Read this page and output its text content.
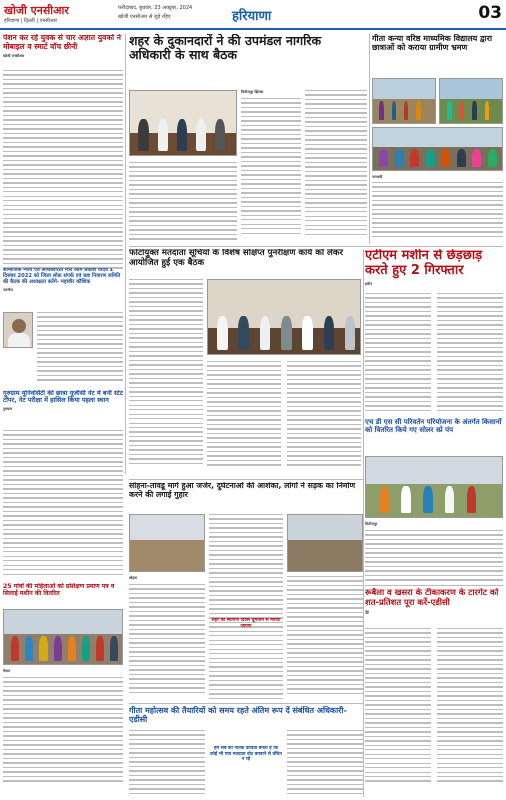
खोजी एनसीआर
हरियाणा | दिल्ली | एनसीआर
फरीदाबाद, बुधवार, 23 अक्टूबर, 2024
खोजी एनसीआर से जुड़े रहिए	हरियाणा	03
पेंशन कर रहे युवक से चार अज्ञात युवकों ने मोबाइल व स्मार्ट वॉच छीनी
खोजी एनसीआर
सामाजिक न्याय एवं अधिकारिता मंत्री ओम प्रकाश यादव 1 दिसंबर 2022 को जिला लोक संपर्क एवं कष्ट निवारण समिति की बैठक की अध्यक्षता करेंगे- महावीर कौशिक
नारनौल
गुरुग्राम यूनिवर्सिटी की छात्रा यूजीसी नेट में बनी स्टेट टॉपर, नेट परीक्षा में हासिल किया पहला स्थान
गुरुग्राम
25 गांवों की महिलाओं को प्रशिक्षण प्रमाण पत्र व सिलाई मशीन की वितरित
मेवात
शहर के दुकानदारों ने की उपमंडल नागरिक अधिकारी के साथ बैठक
फिरोजपुर झिरका
गीता कन्या वरिष्ठ माध्यमिक विद्यालय द्वारा छात्राओं को कराया ग्रामीण भ्रमण
जगाधरी
फोटोयुक्त मतदाता सूचियों के विशेष संक्षिप्त पुनरीक्षण कार्य को लेकर आयोजित हुई एक बैठक	एटीएम मशीन से छेड़छाड़ करते हुए 2 गिरफ्तार
हथीन
एच डी एस सी परिवर्तन परियोजना के अंतर्गत किसानों को वितरित किये गए सोलर स्प्रे पंप
फिरोजपुर
सोहना-तावडू मार्ग हुआ जर्जर, दुर्घटनाओं की आशंका, लोगों ने सड़क का निर्माण करने की लगाई गुहार
सोहना
गीता महोत्सव की तैयारियों को समय रहते अंतिम रूप दें संबंधित अधिकारी-एडीसी
हम सब का नैतिक दायित्व बनता है कि कोई भी पात्र मतदाता वोट बनवाने से वंचित न रहे
शहर का स्थापना दिवस धूमधाम से मनाया जाएगा
रूबैला व खसरा के टीकाकरण के टारगेट को शत-प्रतिशत पूरा करें-एडीसी
नूंह
